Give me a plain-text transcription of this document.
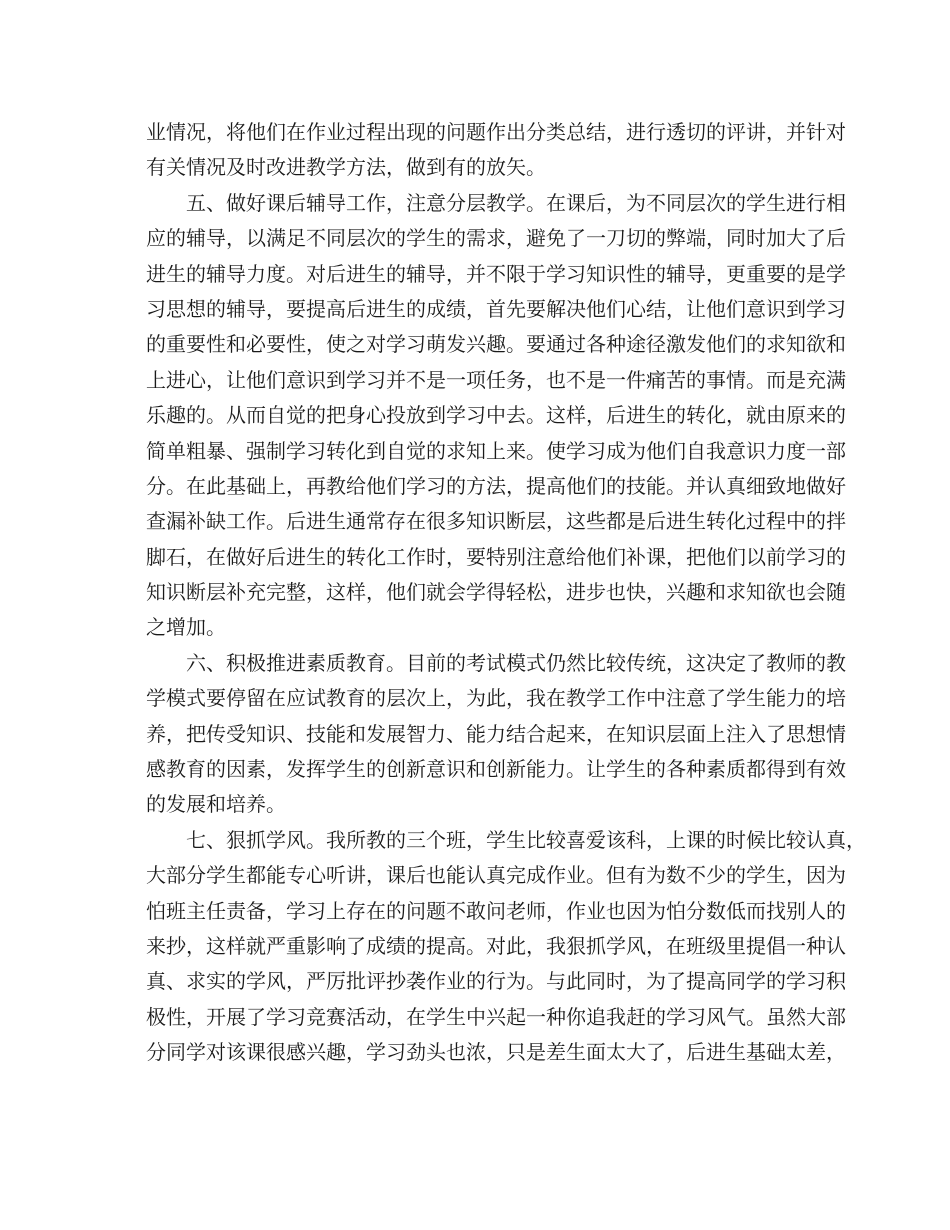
业情况，将他们在作业过程出现的问题作出分类总结，进行透切的评讲，并针对
有关情况及时改进教学方法，做到有的放矢。
五、做好课后辅导工作，注意分层教学。在课后，为不同层次的学生进行相
应的辅导，以满足不同层次的学生的需求，避免了一刀切的弊端，同时加大了后
进生的辅导力度。对后进生的辅导，并不限于学习知识性的辅导，更重要的是学
习思想的辅导，要提高后进生的成绩，首先要解决他们心结，让他们意识到学习
的重要性和必要性，使之对学习萌发兴趣。要通过各种途径激发他们的求知欲和
上进心，让他们意识到学习并不是一项任务，也不是一件痛苦的事情。而是充满
乐趣的。从而自觉的把身心投放到学习中去。这样，后进生的转化，就由原来的
简单粗暴、强制学习转化到自觉的求知上来。使学习成为他们自我意识力度一部
分。在此基础上，再教给他们学习的方法，提高他们的技能。并认真细致地做好
查漏补缺工作。后进生通常存在很多知识断层，这些都是后进生转化过程中的拌
脚石，在做好后进生的转化工作时，要特别注意给他们补课，把他们以前学习的
知识断层补充完整，这样，他们就会学得轻松，进步也快，兴趣和求知欲也会随
之增加。
六、积极推进素质教育。目前的考试模式仍然比较传统，这决定了教师的教
学模式要停留在应试教育的层次上，为此，我在教学工作中注意了学生能力的培
养，把传受知识、技能和发展智力、能力结合起来，在知识层面上注入了思想情
感教育的因素，发挥学生的创新意识和创新能力。让学生的各种素质都得到有效
的发展和培养。
七、狠抓学风。我所教的三个班，学生比较喜爱该科，上课的时候比较认真，
大部分学生都能专心听讲，课后也能认真完成作业。但有为数不少的学生，因为
怕班主任责备，学习上存在的问题不敢问老师，作业也因为怕分数低而找别人的
来抄，这样就严重影响了成绩的提高。对此，我狠抓学风，在班级里提倡一种认
真、求实的学风，严厉批评抄袭作业的行为。与此同时，为了提高同学的学习积
极性，开展了学习竞赛活动，在学生中兴起一种你追我赶的学习风气。虽然大部
分同学对该课很感兴趣，学习劲头也浓，只是差生面太大了，后进生基础太差，
